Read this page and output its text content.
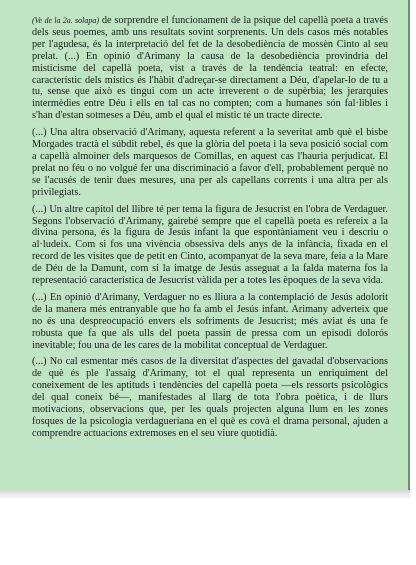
(Ve de la 2a. solapa) de sorprendre el funcionament de la psique del capellà poeta a través dels seus poemes, amb uns resultats sovint sorprenents. Un dels casos més notables per l'agudesa, és la interpretació del fet de la desobediència de mossèn Cinto al seu prelat. (...) En opinió d'Arimany la causa de la desobediència provindria del misticisme del capellà poeta, vist a través de la tendència teatral: en efecte, característic dels místics és l'hàbit d'adreçar-se directament a Déu, d'apelar-lo de tu a tu, sense que això es tingui com un acte irreverent o de supèrbia; les jerarquies intermèdies entre Déu i ells en tal cas no compten; com a humanes són fal·libles i s'han d'estan sotmeses a Déu, amb el qual el místic té un tracte directe.

(...) Una altra observació d'Arimany, aquesta referent a la severitat amb què el bisbe Morgades tractà el súbdit rebel, és que la glòria del poeta i la seva posició social com a capellà almoiner dels marquesos de Comillas, en aquest cas l'hauria perjudicat. El prelat no féu o no volgué fer una discriminació a favor d'ell, probablement perquè no se l'acusés de tenir dues mesures, una per als capellans corrents i una altra per als privilegiats.

(...) Un altre capítol del llibre té per tema la figura de Jesucrist en l'obra de Verdaguer. Segons l'observació d'Arimany, gairebé sempre que el capellà poeta es refereix a la divina persona, és la figura de Jesús infant la que espontàniament veu i descriu o al·ludeix. Com si fos una vivència obsessiva dels anys de la infància, fixada en el record de les visites que de petit en Cinto, acompanyat de la seva mare, feia a la Mare de Déu de la Damunt, com si la imatge de Jesús asseguat a la falda materna fos la representació característica de Jesucrist vàlida per a totes les èpoques de la seva vida.

(...) En opinió d'Arimany, Verdaguer no es lliura a la contemplació de Jesús adolorit de la manera més entranyable que ho fa amb el Jesús infant. Arimany adverteix que no és una despreocupació envers els sofriments de Jesucrist; més aviat és una fe robusta que fa que als ulls del poeta passin de pressa com un episodi dolorós inevitable; fou una de les cares de la mobilitat conceptual de Verdaguer.

(...) No cal esmentar més casos de la diversitat d'aspectes del gavadal d'observacions de què és ple l'assaig d'Arimany, tot el qual representa un enriquiment del coneixement de les aptituds i tendències del capellà poeta —els ressorts psicològics del qual coneix bé—, manifestades al llarg de tota l'obra poètica, i de llurs motivacions, observacions que, per les quals projecten alguna llum en les zones fosques de la psicologia verdagueriana en el què es covà el drama personal, ajuden a comprendre actuacions extremoses en el seu viure quotidià.
